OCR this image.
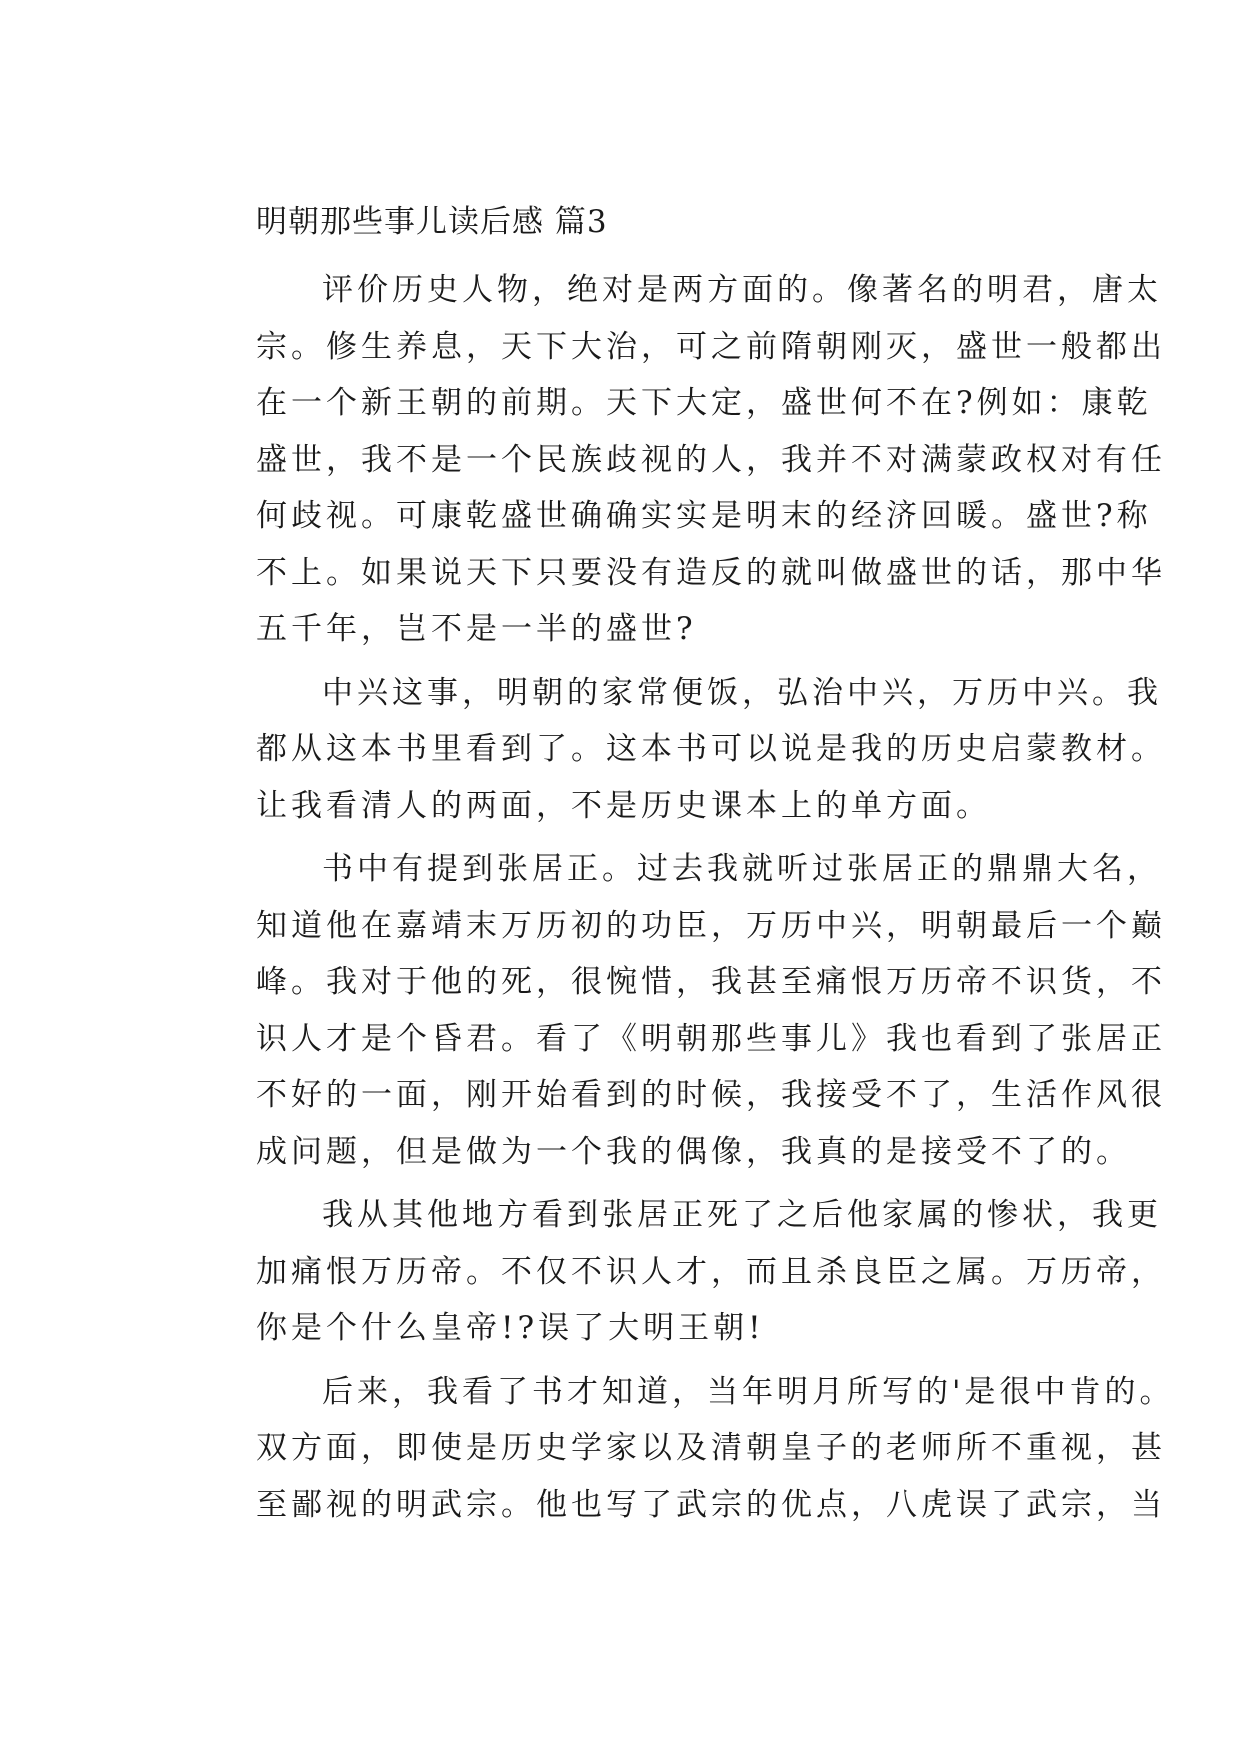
明朝那些事儿读后感 篇3
评价历史人物，绝对是两方面的。像著名的明君，唐太
宗。修生养息，天下大治，可之前隋朝刚灭，盛世一般都出
在一个新王朝的前期。天下大定，盛世何不在?例如：康乾
盛世，我不是一个民族歧视的人，我并不对满蒙政权对有任
何歧视。可康乾盛世确确实实是明末的经济回暖。盛世?称
不上。如果说天下只要没有造反的就叫做盛世的话，那中华
五千年，岂不是一半的盛世?
中兴这事，明朝的家常便饭，弘治中兴，万历中兴。我
都从这本书里看到了。这本书可以说是我的历史启蒙教材。
让我看清人的两面，不是历史课本上的单方面。
书中有提到张居正。过去我就听过张居正的鼎鼎大名，
知道他在嘉靖末万历初的功臣，万历中兴，明朝最后一个巅
峰。我对于他的死，很惋惜，我甚至痛恨万历帝不识货，不
识人才是个昏君。看了《明朝那些事儿》我也看到了张居正
不好的一面，刚开始看到的时候，我接受不了，生活作风很
成问题，但是做为一个我的偶像，我真的是接受不了的。
我从其他地方看到张居正死了之后他家属的惨状，我更
加痛恨万历帝。不仅不识人才，而且杀良臣之属。万历帝，
你是个什么皇帝!?误了大明王朝!
后来，我看了书才知道，当年明月所写的'是很中肯的。
双方面，即使是历史学家以及清朝皇子的老师所不重视，甚
至鄙视的明武宗。他也写了武宗的优点，八虎误了武宗，当
